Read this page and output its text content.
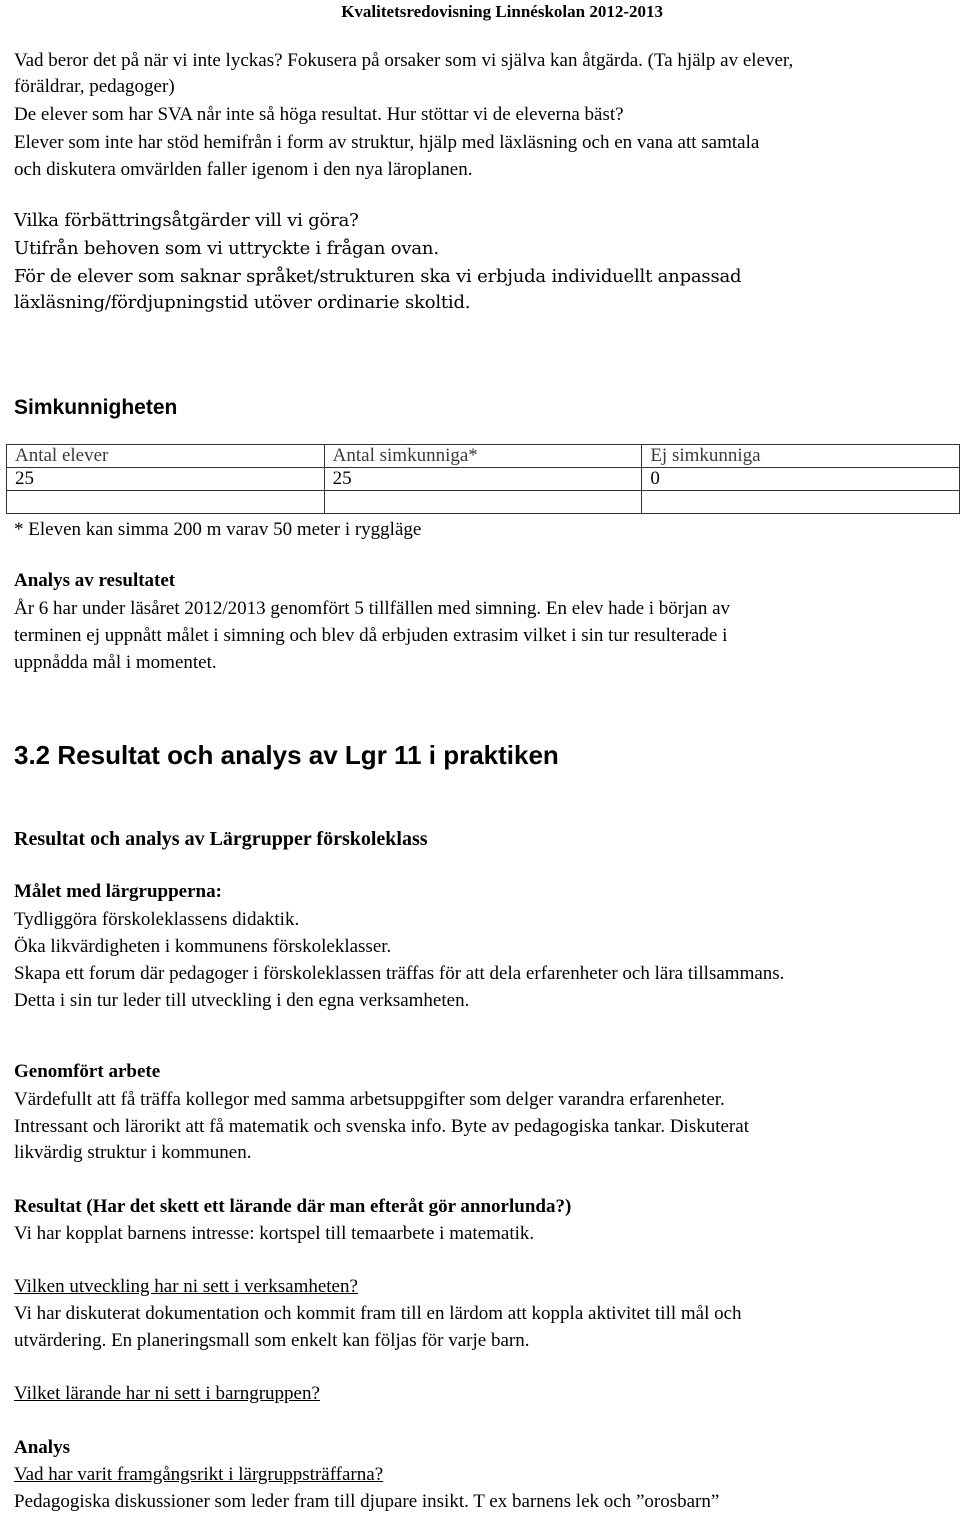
Kvalitetsredovisning Linnéskolan 2012-2013
Vad beror det på när vi inte lyckas? Fokusera på orsaker som vi själva kan åtgärda. (Ta hjälp av elever,
föräldrar, pedagoger)
De elever som har SVA når inte så höga resultat. Hur stöttar vi de eleverna bäst?
Elever som inte har stöd hemifrån i form av struktur, hjälp med läxläsning och en vana att samtala
och diskutera omvärlden faller igenom i den nya läroplanen.
Vilka förbättringsåtgärder vill vi göra?
Utifrån behoven som vi uttryckte i frågan ovan.
För de elever som saknar språket/strukturen ska vi erbjuda individuellt anpassad
läxläsning/fördjupningstid utöver ordinarie skoltid.
Simkunnigheten
Antal elever	Antal simkunniga*	Ej simkunniga
25	25	0

* Eleven kan simma 200 m varav 50 meter i ryggläge
Analys av resultatet
År 6 har under läsåret 2012/2013 genomfört 5 tillfällen med simning. En elev hade i början av
terminen ej uppnått målet i simning och blev då erbjuden extrasim vilket i sin tur resulterade i
uppnådda mål i momentet.
3.2 Resultat och analys av Lgr 11 i praktiken
Resultat och analys av Lärgrupper förskoleklass
Målet med lärgrupperna:
Tydliggöra förskoleklassens didaktik.
Öka likvärdigheten i kommunens förskoleklasser.
Skapa ett forum där pedagoger i förskoleklassen träffas för att dela erfarenheter och lära tillsammans.
Detta i sin tur leder till utveckling i den egna verksamheten.
Genomfört arbete
Värdefullt att få träffa kollegor med samma arbetsuppgifter som delger varandra erfarenheter.
Intressant och lärorikt att få matematik och svenska info. Byte av pedagogiska tankar. Diskuterat
likvärdig struktur i kommunen.
Resultat (Har det skett ett lärande där man efteråt gör annorlunda?)
Vi har kopplat barnens intresse: kortspel till temaarbete i matematik.
Vilken utveckling har ni sett i verksamheten?
Vi har diskuterat dokumentation och kommit fram till en lärdom att koppla aktivitet till mål och
utvärdering. En planeringsmall som enkelt kan följas för varje barn.
Vilket lärande har ni sett i barngruppen?
Analys
Vad har varit framgångsrikt i lärgruppsträffarna?
Pedagogiska diskussioner som leder fram till djupare insikt. T ex barnens lek och ”orosbarn”
